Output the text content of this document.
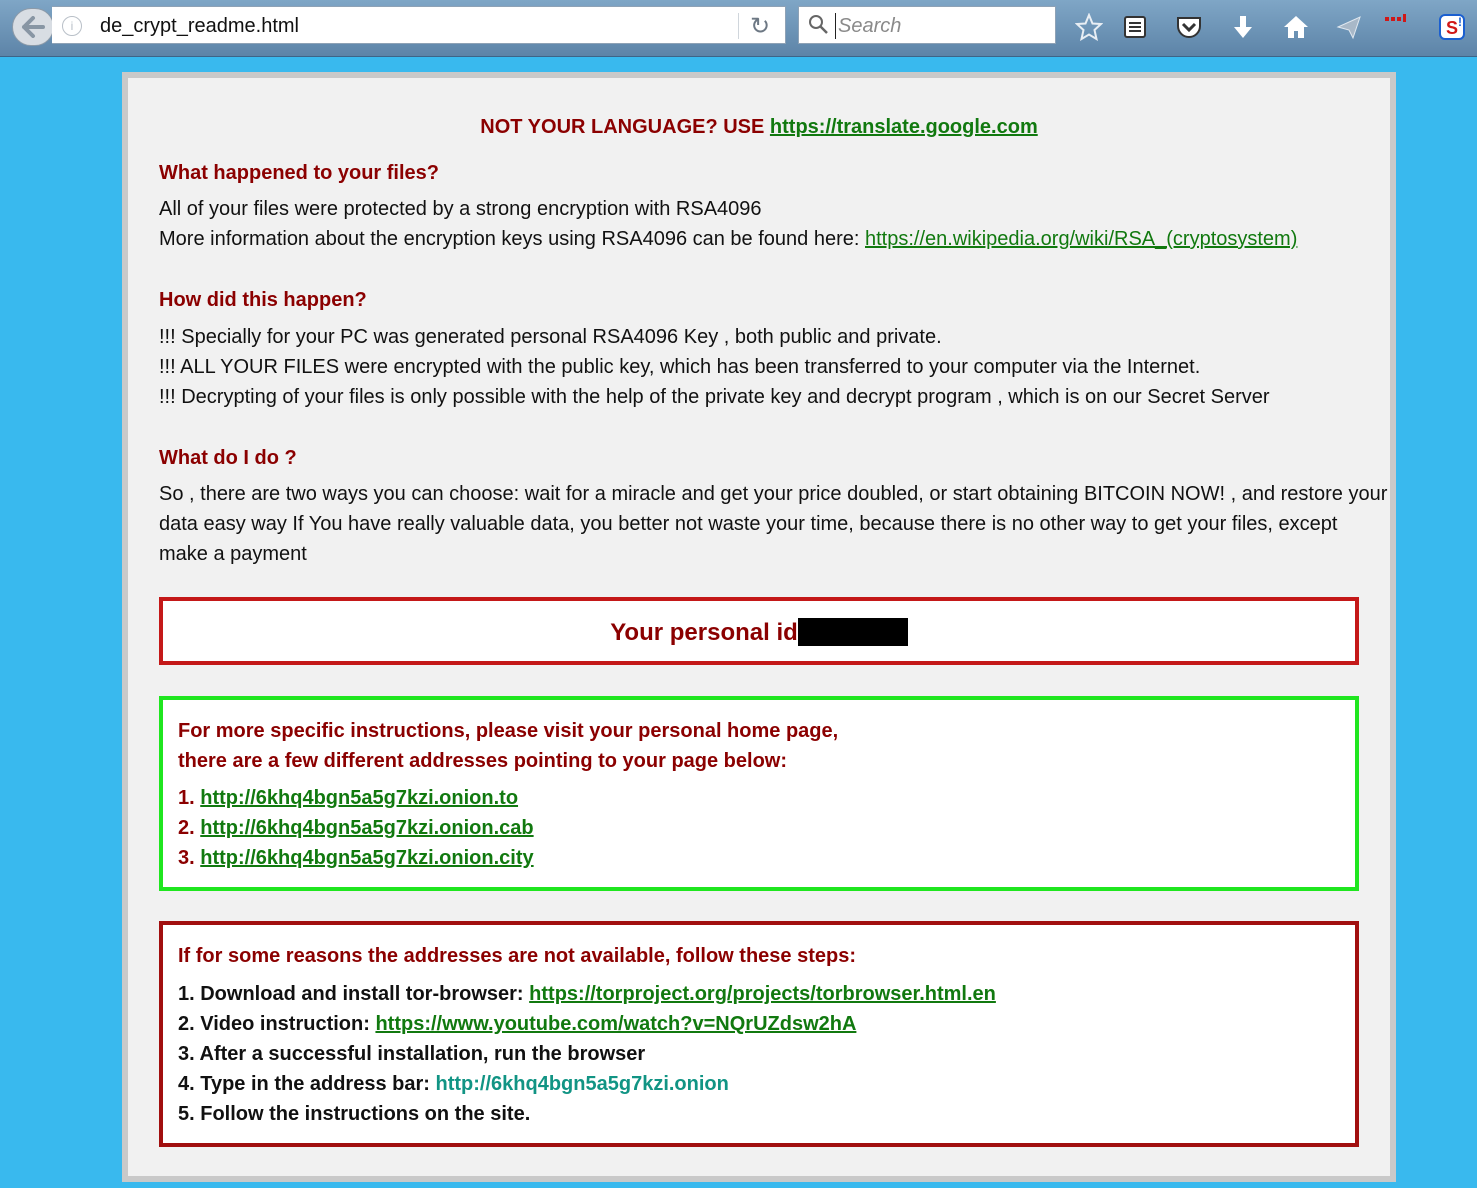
i	de_crypt_readme.html	↻
Search	S !
NOT YOUR LANGUAGE? USE https://translate.google.com
What happened to your files?
All of your files were protected by a strong encryption with RSA4096
More information about the encryption keys using RSA4096 can be found here: https://en.wikipedia.org/wiki/RSA_(cryptosystem)
How did this happen?
!!! Specially for your PC was generated personal RSA4096 Key , both public and private.
!!! ALL YOUR FILES were encrypted with the public key, which has been transferred to your computer via the Internet.
!!! Decrypting of your files is only possible with the help of the private key and decrypt program , which is on our Secret Server
What do I do ?
So , there are two ways you can choose: wait for a miracle and get your price doubled, or start obtaining BITCOIN NOW! , and restore your
data easy way If You have really valuable data, you better not waste your time, because there is no other way to get your files, except
make a payment
Your personal id
For more specific instructions, please visit your personal home page,
there are a few different addresses pointing to your page below:
1. http://6khq4bgn5a5g7kzi.onion.to
2. http://6khq4bgn5a5g7kzi.onion.cab
3. http://6khq4bgn5a5g7kzi.onion.city
If for some reasons the addresses are not available, follow these steps:
1. Download and install tor-browser: https://torproject.org/projects/torbrowser.html.en
2. Video instruction: https://www.youtube.com/watch?v=NQrUZdsw2hA
3. After a successful installation, run the browser
4. Type in the address bar: http://6khq4bgn5a5g7kzi.onion
5. Follow the instructions on the site.
